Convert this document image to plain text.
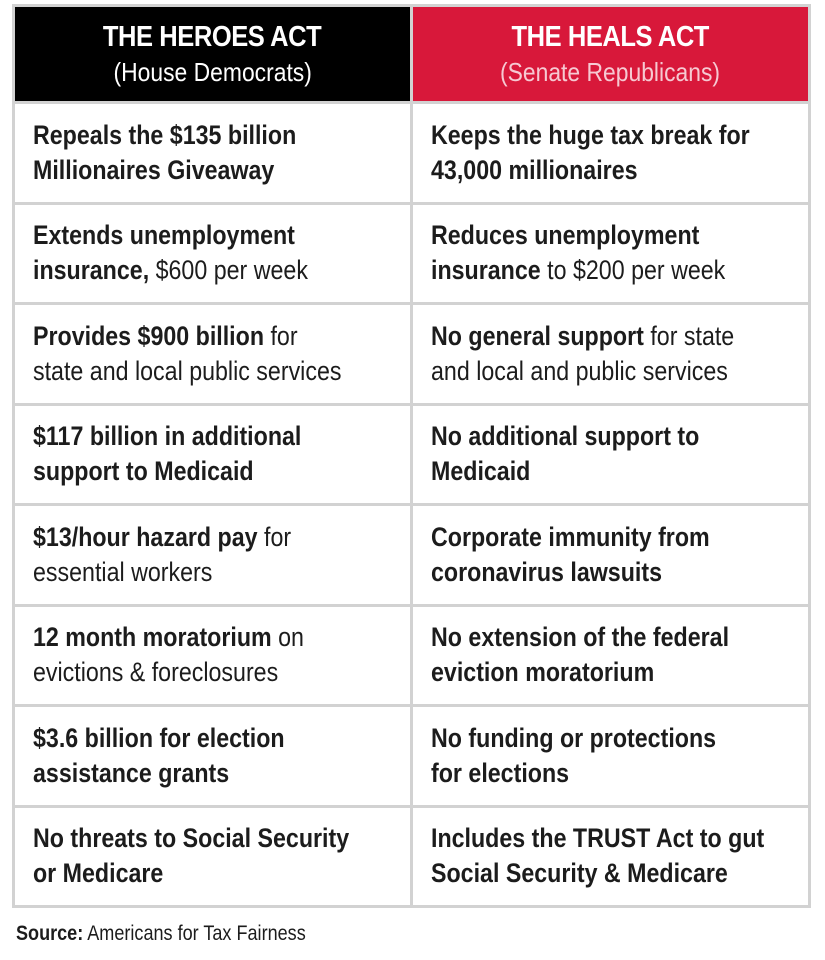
THE HEROES ACT
(House Democrats)
THE HEALS ACT
(Senate Republicans)
Repeals the $135 billion
Millionaires Giveaway
Keeps the huge tax break for
43,000 millionaires
Extends unemployment
insurance, $600 per week
Reduces unemployment
insurance to $200 per week
Provides $900 billion for
state and local public services
No general support for state
and local and public services
$117 billion in additional
support to Medicaid
No additional support to
Medicaid
$13/hour hazard pay for
essential workers
Corporate immunity from
coronavirus lawsuits
12 month moratorium on
evictions & foreclosures
No extension of the federal
eviction moratorium
$3.6 billion for election
assistance grants
No funding or protections
for elections
No threats to Social Security
or Medicare
Includes the TRUST Act to gut
Social Security & Medicare
Source: Americans for Tax Fairness
